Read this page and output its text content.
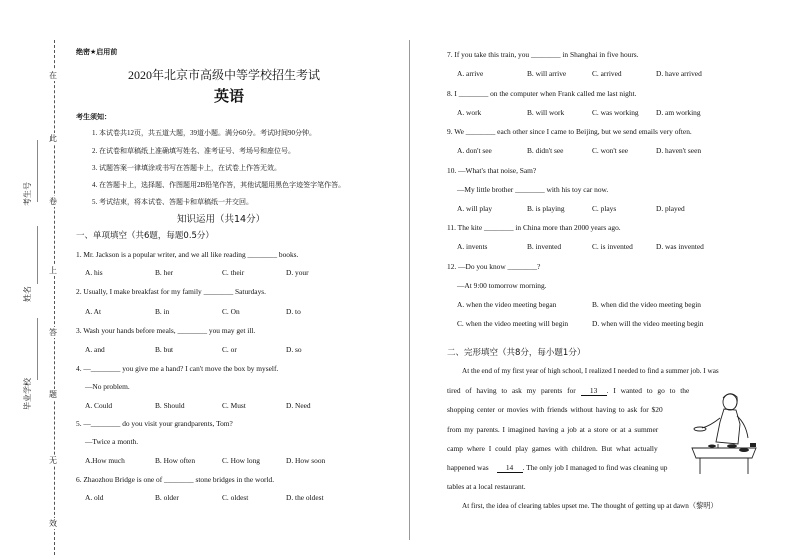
在
此
卷
上
答
题
无
效
考生号
姓名
毕业学校
绝密★启用前
2020年北京市高级中等学校招生考试
英语
考生须知：
1. 本试卷共12页，共五道大题，39道小题。满分60分。考试时间90分钟。
2. 在试卷和草稿纸上准确填写姓名、准考证号、考场号和座位号。
3. 试题答案一律填涂或书写在答题卡上，在试卷上作答无效。
4. 在答题卡上，选择题、作图题用2B铅笔作答，其他试题用黑色字迹签字笔作答。
5. 考试结束，将本试卷、答题卡和草稿纸一并交回。
知识运用（共14分）
一、单项填空（共6题，每题0.5分）
1. Mr. Jackson is a popular writer, and we all like reading ________ books.
A. his	B. her	C. their	D. your
2. Usually, I make breakfast for my family ________ Saturdays.
A. At	B. in	C. On	D. to
3. Wash your hands before meals, ________ you may get ill.
A. and	B. but	C. or	D. so
4. —________ you give me a hand? I can't move the box by myself.
—No problem.
A. Could	B. Should	C. Must	D. Need
5. —________ do you visit your grandparents, Tom?
—Twice a month.
A.How much	B. How often	C. How long	D. How soon
6. Zhaozhou Bridge is one of ________ stone bridges in the world.
A. old	B. older	C. oldest	D. the oldest
7. If you take this train, you ________ in Shanghai in five hours.
A. arrive	B. will arrive	C. arrived	D. have arrived
8. I ________ on the computer when Frank called me last night.
A. work	B. will work	C. was working D. am working
9. We ________ each other since I came to Beijing, but we send emails very often.
A. don't see	B. didn't see	C. won't see	D. haven't seen
10. —What's that noise, Sam?
—My little brother ________ with his toy car now.
A. will play	B. is playing	C. plays	D. played
11. The kite ________ in China more than 2000 years ago.
A. invents	B. invented	C. is invented	D. was invented
12. —Do you know ________?
—At 9:00 tomorrow morning.
A. when the video meeting began	B. when did the video meeting begin
C. when the video meeting will begin	D. when will the video meeting begin
二、完形填空（共8分，每小题1分）
At the end of my first year of high school, I realized I needed to find a summer job. I was
tired of having to ask my parents for 13 . I wanted to go to the
shopping center or movies with friends without having to ask for $20
from my parents. I imagined having a job at a store or at a summer
camp where I could play games with children. But what actually
happened was 14 . The only job I managed to find was cleaning up
tables at a local restaurant.
At first, the idea of clearing tables upset me. The thought of getting up at dawn（黎明）
